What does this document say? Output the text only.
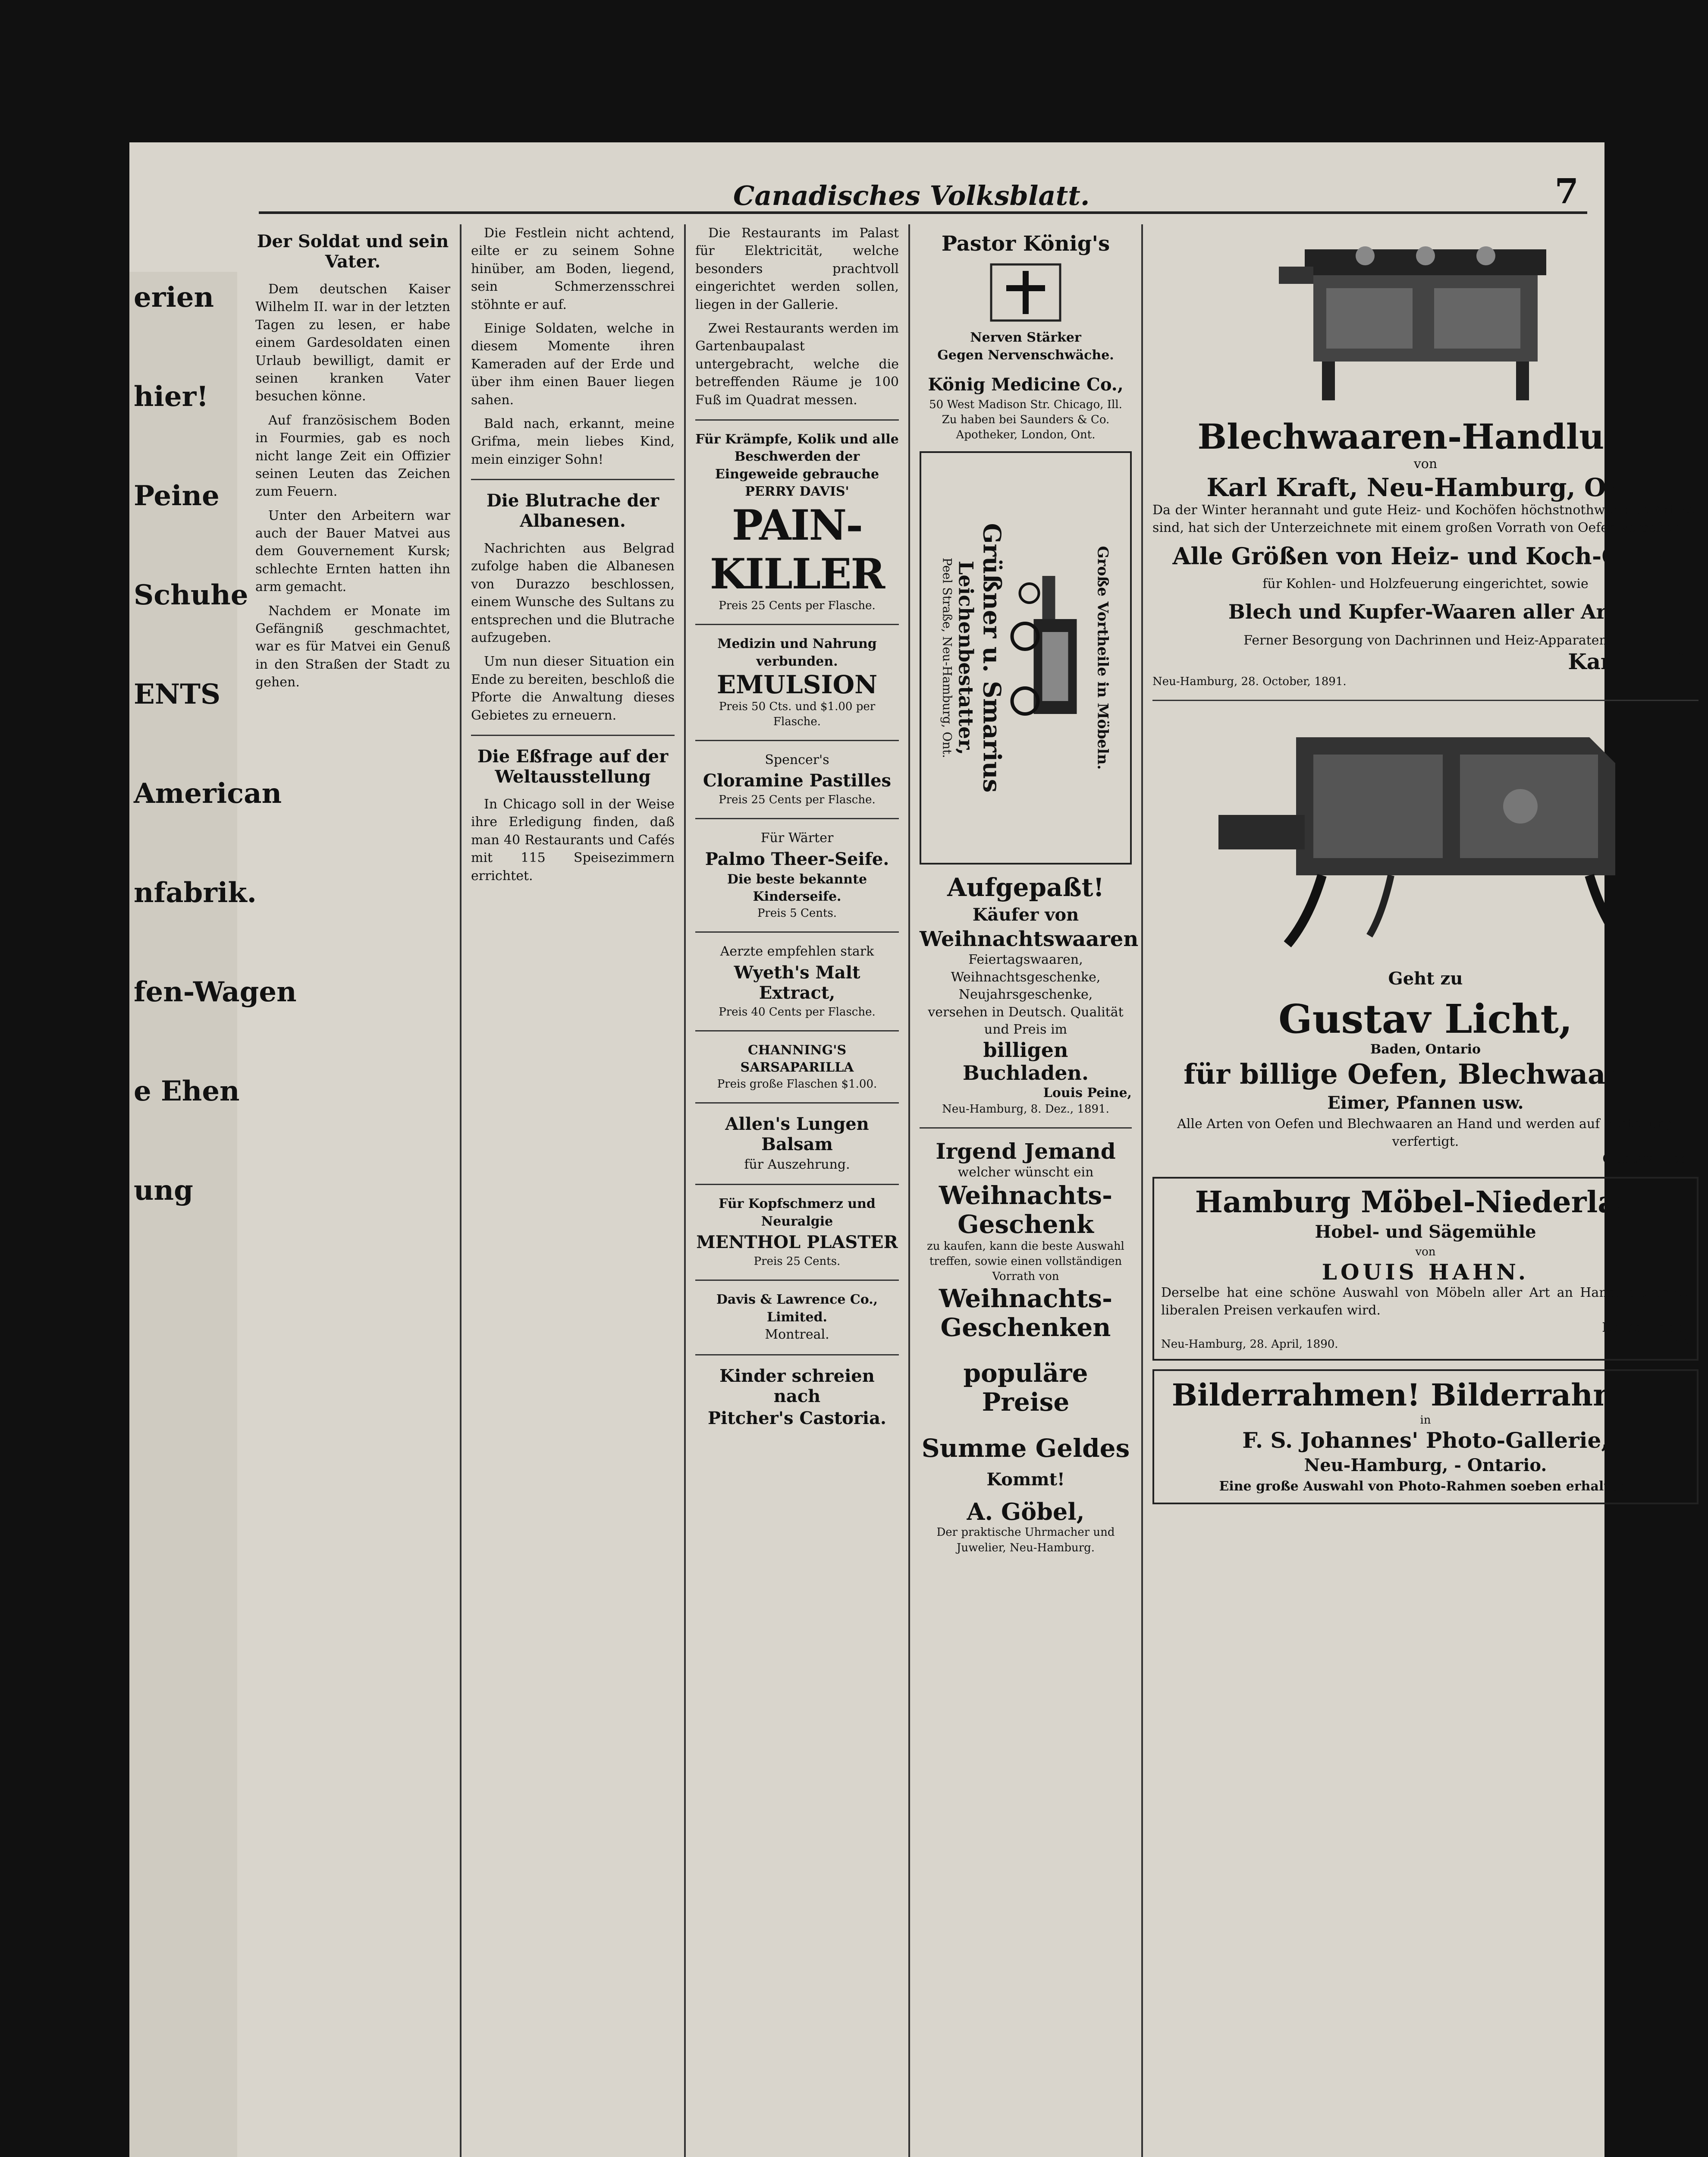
erien
hier!
Peine
Schuhe
ENTS
American
nfabrik.
fen-Wagen
e Ehen
ung
Canadisches Volksblatt.	7
Der Soldat und sein Vater.

Dem deutschen Kaiser Wilhelm II. war in der letzten Tagen zu lesen, er habe einem Gardesoldaten einen Urlaub bewilligt, damit er seinen kranken Vater besuchen könne.

Auf französischem Boden in Fourmies, gab es noch nicht lange Zeit ein Offizier seinen Leuten das Zeichen zum Feuern.

Unter den Arbeitern war auch der Bauer Matvei aus dem Gouvernement Kursk; schlechte Ernten hatten ihn arm gemacht.

Nachdem er Monate im Gefängniß geschmachtet, war es für Matvei ein Genuß in den Straßen der Stadt zu gehen.

Die Festlein nicht achtend, eilte er zu seinem Sohne hinüber, am Boden, liegend, sein Schmerzensschrei stöhnte er auf.

Einige Soldaten, welche in diesem Momente ihren Kameraden auf der Erde und über ihm einen Bauer liegen sahen.

Bald nach, erkannt, meine Grifma, mein liebes Kind, mein einziger Sohn!

Die Blutrache der Albanesen.

Nachrichten aus Belgrad zufolge haben die Albanesen von Durazzo beschlossen, einem Wunsche des Sultans zu entsprechen und die Blutrache aufzugeben.

Um nun dieser Situation ein Ende zu bereiten, beschloß die Pforte die Anwaltung dieses Gebietes zu erneuern.

Die Eßfrage auf der Weltausstellung

In Chicago soll in der Weise ihre Erledigung finden, daß man 40 Restaurants und Cafés mit 115 Speisezimmern errichtet.

Die Restaurants im Palast für Elektricität, welche besonders prachtvoll eingerichtet werden sollen, liegen in der Gallerie.

Zwei Restaurants werden im Gartenbaupalast untergebracht, welche die betreffenden Räume je 100 Fuß im Quadrat messen.

Für Krämpfe, Kolik und alle Beschwerden der Eingeweide gebrauche
PERRY DAVIS'
PAIN-KILLER
Preis 25 Cents per Flasche.
Medizin und Nahrung verbunden.
EMULSION
Preis 50 Cts. und $1.00 per Flasche.
Spencer's
Cloramine Pastilles
Preis 25 Cents per Flasche.
Für Wärter
Palmo Theer-Seife.
Die beste bekannte Kinderseife.
Preis 5 Cents.
Aerzte empfehlen stark
Wyeth's Malt Extract,
Preis 40 Cents per Flasche.
CHANNING'S SARSAPARILLA
Preis große Flaschen $1.00.
Allen's Lungen Balsam
für Auszehrung.
Für Kopfschmerz und Neuralgie
MENTHOL PLASTER
Preis 25 Cents.
Davis & Lawrence Co., Limited.
Montreal.
Kinder schreien nach
Pitcher's Castoria.
Pastor König's
Nerven Stärker
Gegen Nervenschwäche.
König Medicine Co.,
50 West Madison Str. Chicago, Ill.
Zu haben bei Saunders & Co. Apotheker, London, Ont.
Große Vortheile in Möbeln.
Grüßner u. Smarius
Leichenbestatter,
Peel Straße, Neu-Hamburg, Ont.
Aufgepaßt!
Käufer von
Weihnachtswaaren
Feiertagswaaren,
Weihnachtsgeschenke,
Neujahrsgeschenke,
versehen in Deutsch. Qualität und Preis im
billigen Buchladen.
Louis Peine,
Neu-Hamburg, 8. Dez., 1891.
Irgend Jemand
welcher wünscht ein
Weihnachts-
Geschenk
zu kaufen, kann die beste Auswahl treffen, sowie einen vollständigen Vorrath von
Weihnachts-
Geschenken
populäre Preise
Summe Geldes
Kommt!
A. Göbel,
Der praktische Uhrmacher und Juwelier, Neu-Hamburg.
Blechwaaren-Handlung
von
Karl Kraft, Neu-Hamburg, Ont.
Da der Winter herannaht und gute Heiz- und Kochöfen höchstnothwendige Artikel sind, hat sich der Unterzeichnete mit einem großen Vorrath von Oefen versehen.
Alle Größen von Heiz- und Koch-Oefen
für Kohlen- und Holzfeuerung eingerichtet, sowie
Blech und Kupfer-Waaren aller Art.
Ferner Besorgung von Dachrinnen und Heiz-Apparaten
Karl Kraft.
Neu-Hamburg, 28. October, 1891.
Geht zu
Gustav Licht,
Baden, Ontario
für billige Oefen, Blechwaaren,
Eimer, Pfannen usw.
Alle Arten von Oefen und Blechwaaren an Hand und werden auf Bestellung verfertigt.
Gustav Licht.
Hamburg Möbel-Niederlage
Hobel- und Sägemühle
von
LOUIS HAHN.
Derselbe hat eine schöne Auswahl von Möbeln aller Art an Hand, die er zu liberalen Preisen verkaufen wird.
Louis Hahn.
Neu-Hamburg, 28. April, 1890.	18
Bilderrahmen! Bilderrahmen!
in
F. S. Johannes' Photo-Gallerie,
Neu-Hamburg, - Ontario.
Eine große Auswahl von Photo-Rahmen soeben erhalten.
